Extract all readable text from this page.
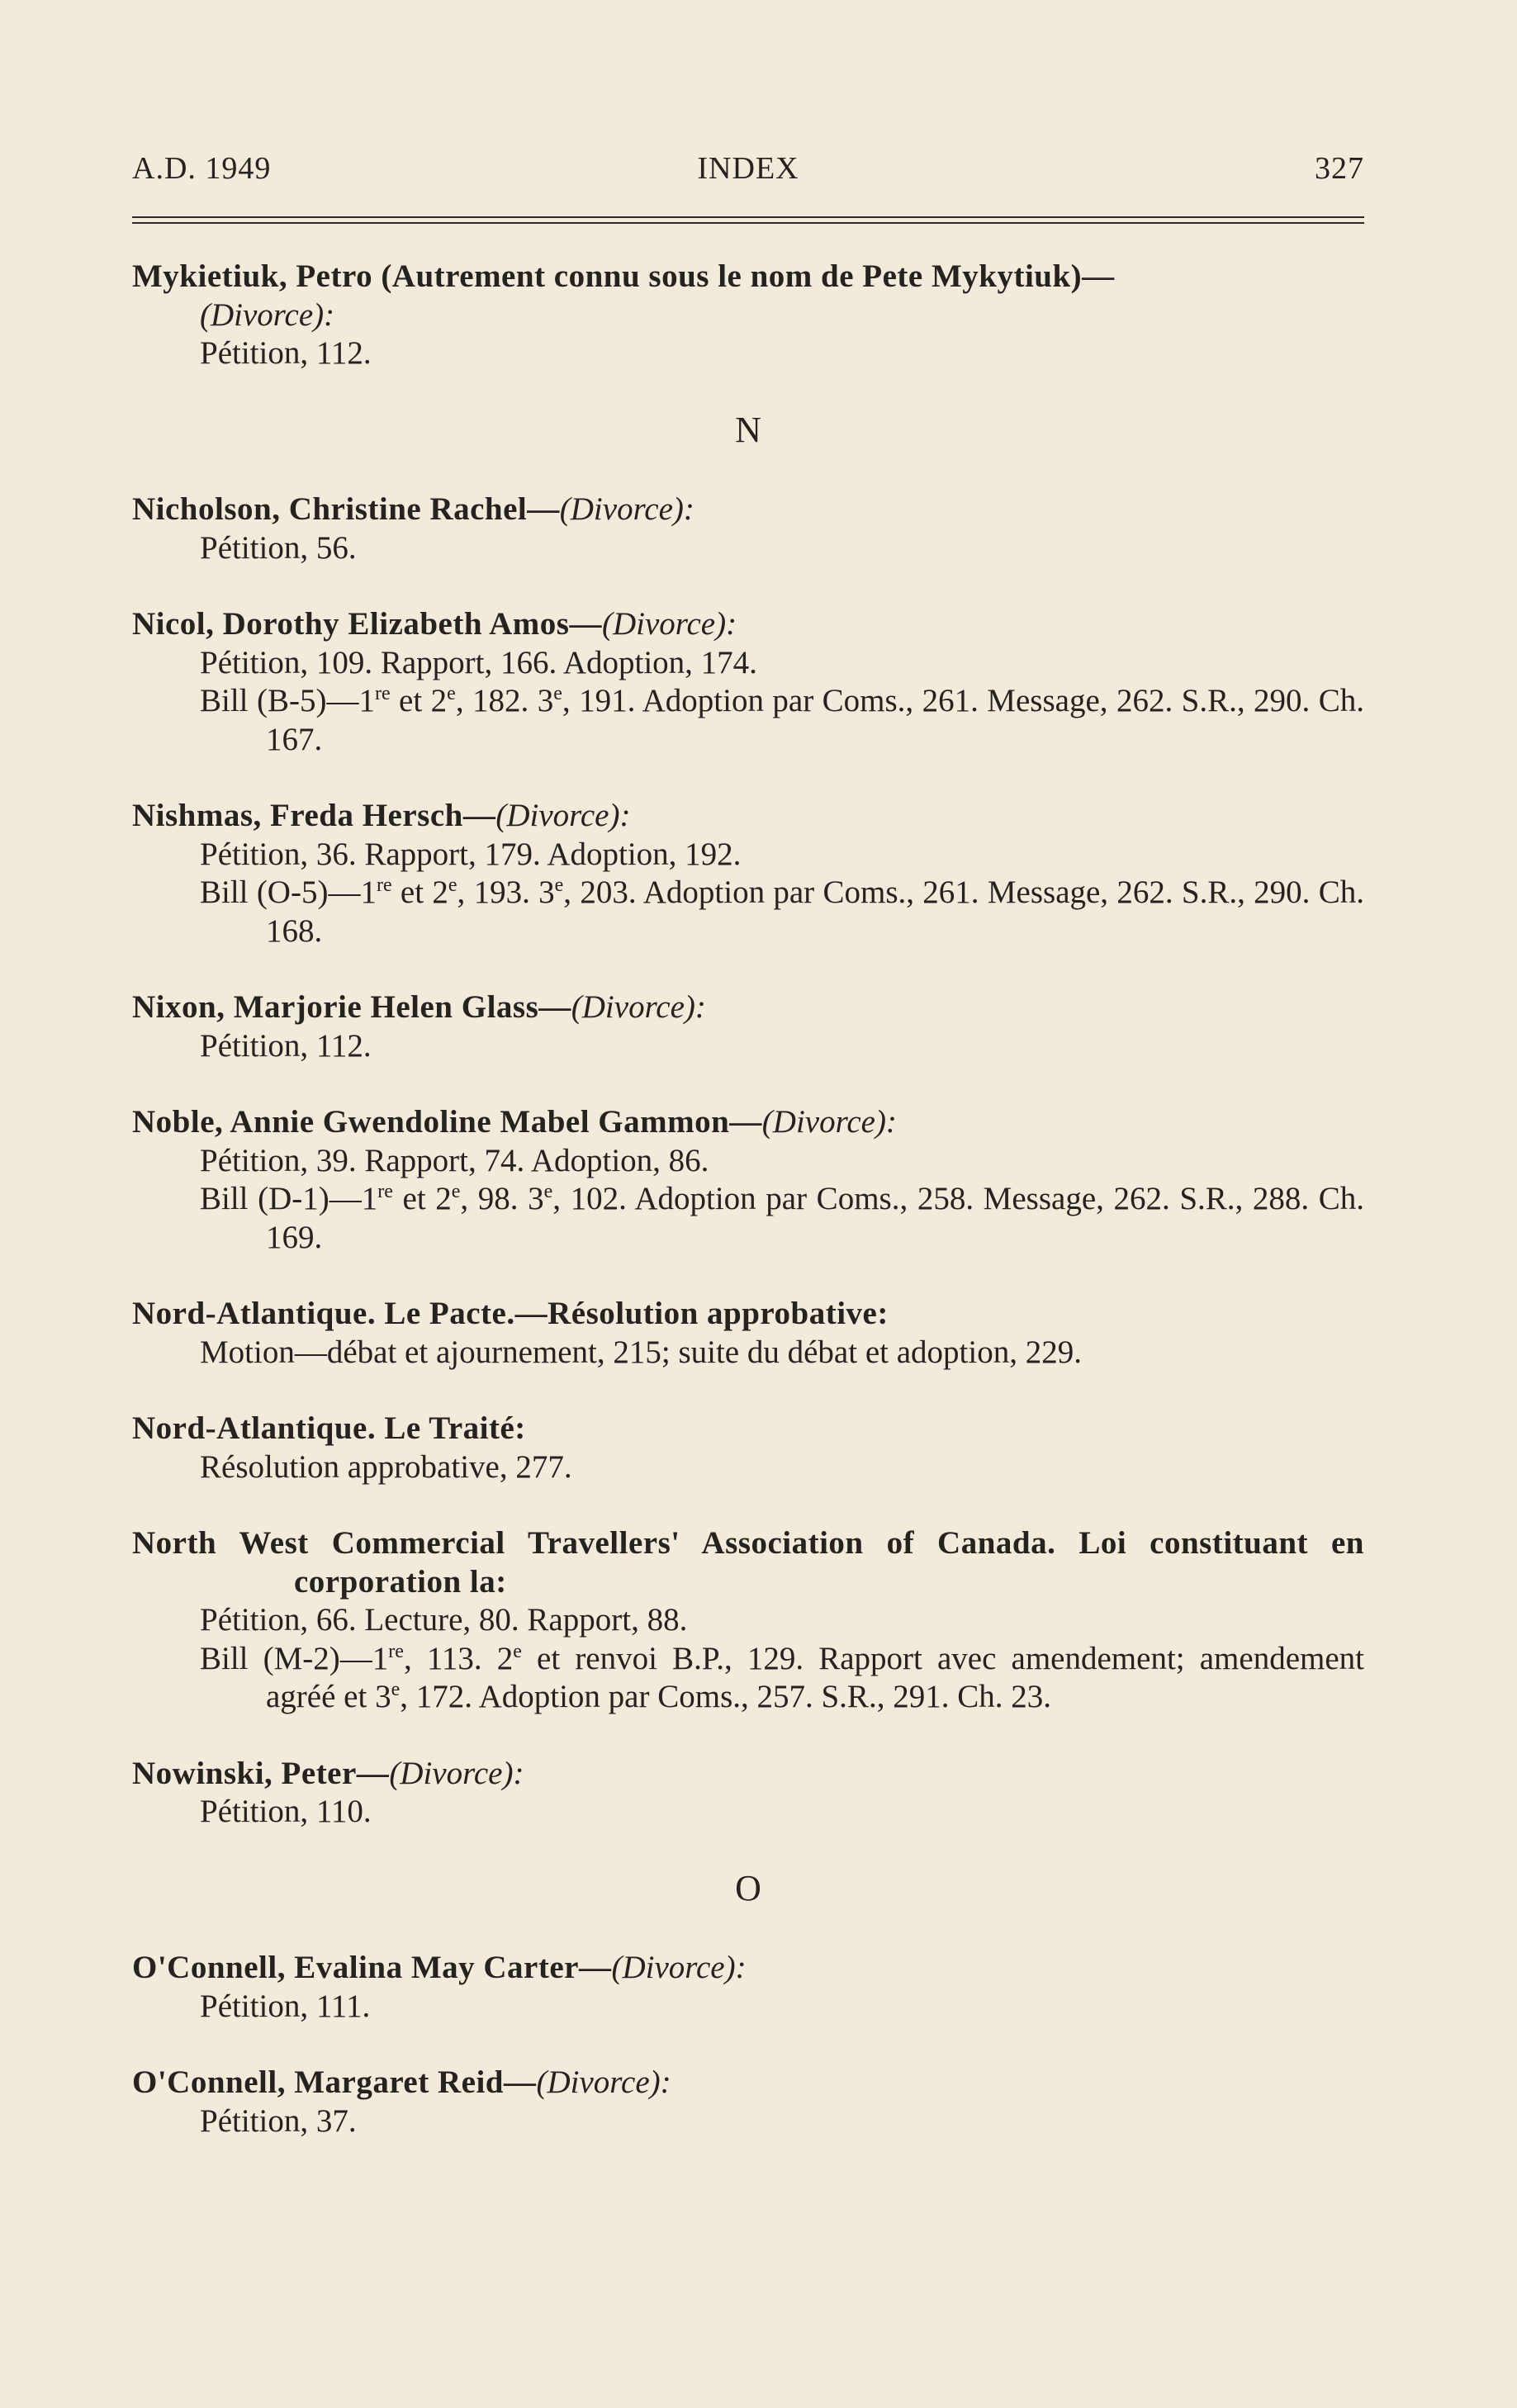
A.D. 1949	INDEX	327
Mykietiuk, Petro (Autrement connu sous le nom de Pete Mykytiuk)—
(Divorce):
Pétition, 112.
N
Nicholson, Christine Rachel—(Divorce):
Pétition, 56.
Nicol, Dorothy Elizabeth Amos—(Divorce):
Pétition, 109. Rapport, 166. Adoption, 174.
Bill (B-5)—1re et 2e, 182. 3e, 191. Adoption par Coms., 261. Message, 262. S.R., 290. Ch. 167.
Nishmas, Freda Hersch—(Divorce):
Pétition, 36. Rapport, 179. Adoption, 192.
Bill (O-5)—1re et 2e, 193. 3e, 203. Adoption par Coms., 261. Message, 262. S.R., 290. Ch. 168.
Nixon, Marjorie Helen Glass—(Divorce):
Pétition, 112.
Noble, Annie Gwendoline Mabel Gammon—(Divorce):
Pétition, 39. Rapport, 74. Adoption, 86.
Bill (D-1)—1re et 2e, 98. 3e, 102. Adoption par Coms., 258. Message, 262. S.R., 288. Ch. 169.
Nord-Atlantique. Le Pacte.—Résolution approbative:
Motion—débat et ajournement, 215; suite du débat et adoption, 229.
Nord-Atlantique. Le Traité:
Résolution approbative, 277.
North West Commercial Travellers' Association of Canada. Loi constituant en corporation la:
Pétition, 66. Lecture, 80. Rapport, 88.
Bill (M-2)—1re, 113. 2e et renvoi B.P., 129. Rapport avec amendement; amendement agréé et 3e, 172. Adoption par Coms., 257. S.R., 291. Ch. 23.
Nowinski, Peter—(Divorce):
Pétition, 110.
O
O'Connell, Evalina May Carter—(Divorce):
Pétition, 111.
O'Connell, Margaret Reid—(Divorce):
Pétition, 37.
